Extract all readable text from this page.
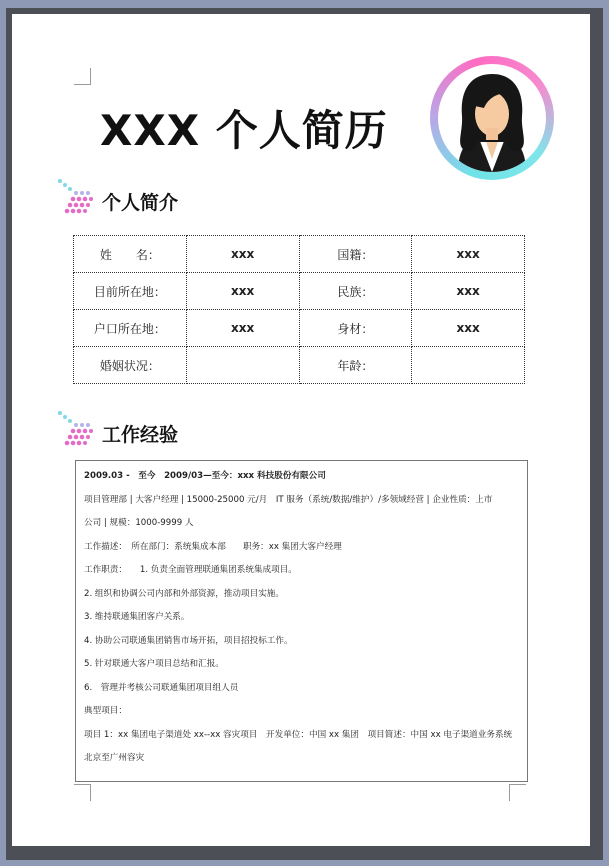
XXX 个人简历
个人简介
姓　　名：	xxx	国籍：	xxx
目前所在地：	xxx	民族：	xxx
户口所在地：	xxx	身材：	xxx
婚姻状况：		年龄：	
工作经验
2009.03 -　至今　2009/03—至今：xxx 科技股份有限公司
项目管理部 | 大客户经理 | 15000-25000 元/月　IT 服务（系统/数据/维护）/多领域经营 | 企业性质：上市
公司 | 规模：1000-9999 人
工作描述：　所在部门：系统集成本部　　职务：xx 集团大客户经理
工作职责：　　1. 负责全面管理联通集团系统集成项目。
2. 组织和协调公司内部和外部资源，推动项目实施。
3. 维持联通集团客户关系。
4. 协助公司联通集团销售市场开拓，项目招投标工作。
5. 针对联通大客户项目总结和汇报。
6.　管理并考核公司联通集团项目组人员
典型项目：
项目 1：xx 集团电子渠道处 xx--xx 容灾项目　开发单位：中国 xx 集团　项目简述：中国 xx 电子渠道业务系统
北京至广州容灾
